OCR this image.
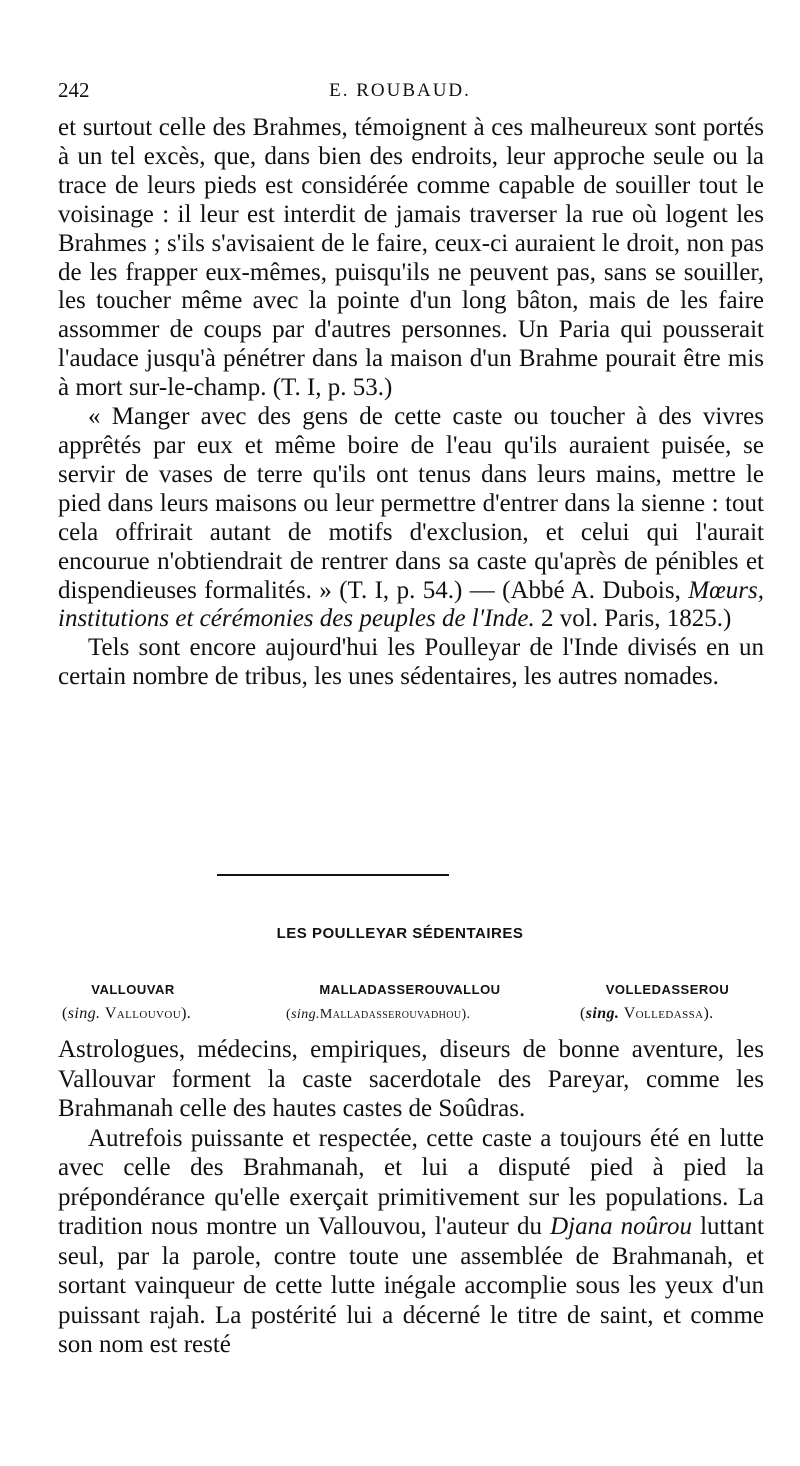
242	E. ROUBAUD.

et surtout celle des Brahmes, témoignent à ces malheureux sont portés à un tel excès, que, dans bien des endroits, leur approche seule ou la trace de leurs pieds est considérée comme capable de souiller tout le voisinage : il leur est interdit de jamais traverser la rue où logent les Brahmes ; s'ils s'avisaient de le faire, ceux-ci auraient le droit, non pas de les frapper eux-mêmes, puisqu'ils ne peuvent pas, sans se souiller, les toucher même avec la pointe d'un long bâton, mais de les faire assommer de coups par d'autres personnes. Un Paria qui pousserait l'audace jusqu'à pénétrer dans la maison d'un Brahme pourait être mis à mort sur-le-champ. (T. I, p. 53.)

« Manger avec des gens de cette caste ou toucher à des vivres apprêtés par eux et même boire de l'eau qu'ils auraient puisée, se servir de vases de terre qu'ils ont tenus dans leurs mains, mettre le pied dans leurs maisons ou leur permettre d'entrer dans la sienne : tout cela offrirait autant de motifs d'exclusion, et celui qui l'aurait encourue n'obtiendrait de rentrer dans sa caste qu'après de pénibles et dispendieuses formalités. » (T. I, p. 54.) — (Abbé A. Dubois, Mœurs, institutions et cérémonies des peuples de l'Inde. 2 vol. Paris, 1825.)

Tels sont encore aujourd'hui les Poulleyar de l'Inde divisés en un certain nombre de tribus, les unes sédentaires, les autres nomades.

LES POULLEYAR SÉDENTAIRES
VALLOUVAR	MALLADASSEROUVALLOU	VOLLEDASSEROU
(sing. Vallouvou).	(sing.Malladasserouvadhou).	(sing. Volledassa).

Astrologues, médecins, empiriques, diseurs de bonne aventure, les Vallouvar forment la caste sacerdotale des Pareyar, comme les Brahmanah celle des hautes castes de Soûdras.

Autrefois puissante et respectée, cette caste a toujours été en lutte avec celle des Brahmanah, et lui a disputé pied à pied la prépondérance qu'elle exerçait primitivement sur les populations. La tradition nous montre un Vallouvou, l'auteur du Djana noûrou luttant seul, par la parole, contre toute une assemblée de Brahmanah, et sortant vainqueur de cette lutte inégale accomplie sous les yeux d'un puissant rajah. La postérité lui a décerné le titre de saint, et comme son nom est resté
